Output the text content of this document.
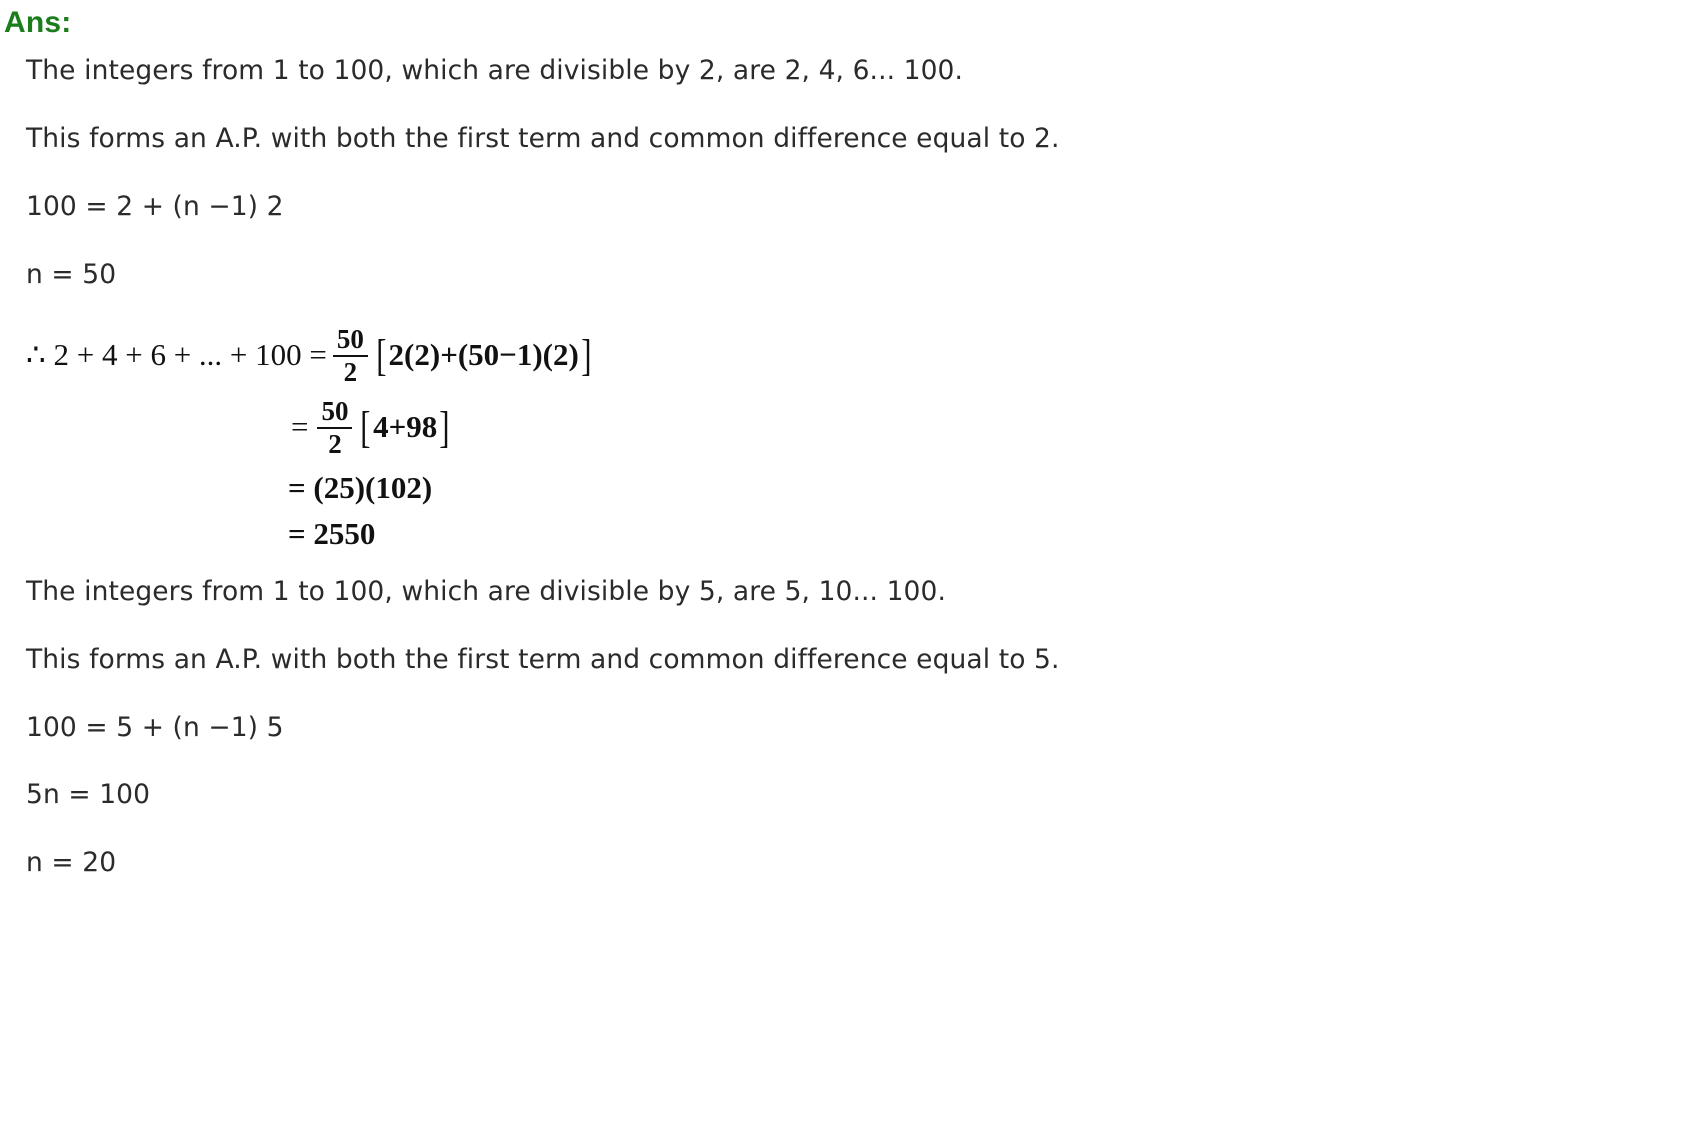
Ans:

The integers from 1 to 100, which are divisible by 2, are 2, 4, 6... 100.

This forms an A.P. with both the first term and common difference equal to 2.

100 = 2 + (n −1) 2

n = 50

∴ 2 + 4 + 6 + ... + $100 = \frac{50}{2}$ [ 2(2)+(50−1)(2) ]
= $\frac{50}{2}$ [ 4+98 ]
= (25)(102)
= 2550

The integers from 1 to 100, which are divisible by 5, are 5, 10... 100.

This forms an A.P. with both the first term and common difference equal to 5.

100 = 5 + (n −1) 5

5n = 100

n = 20
